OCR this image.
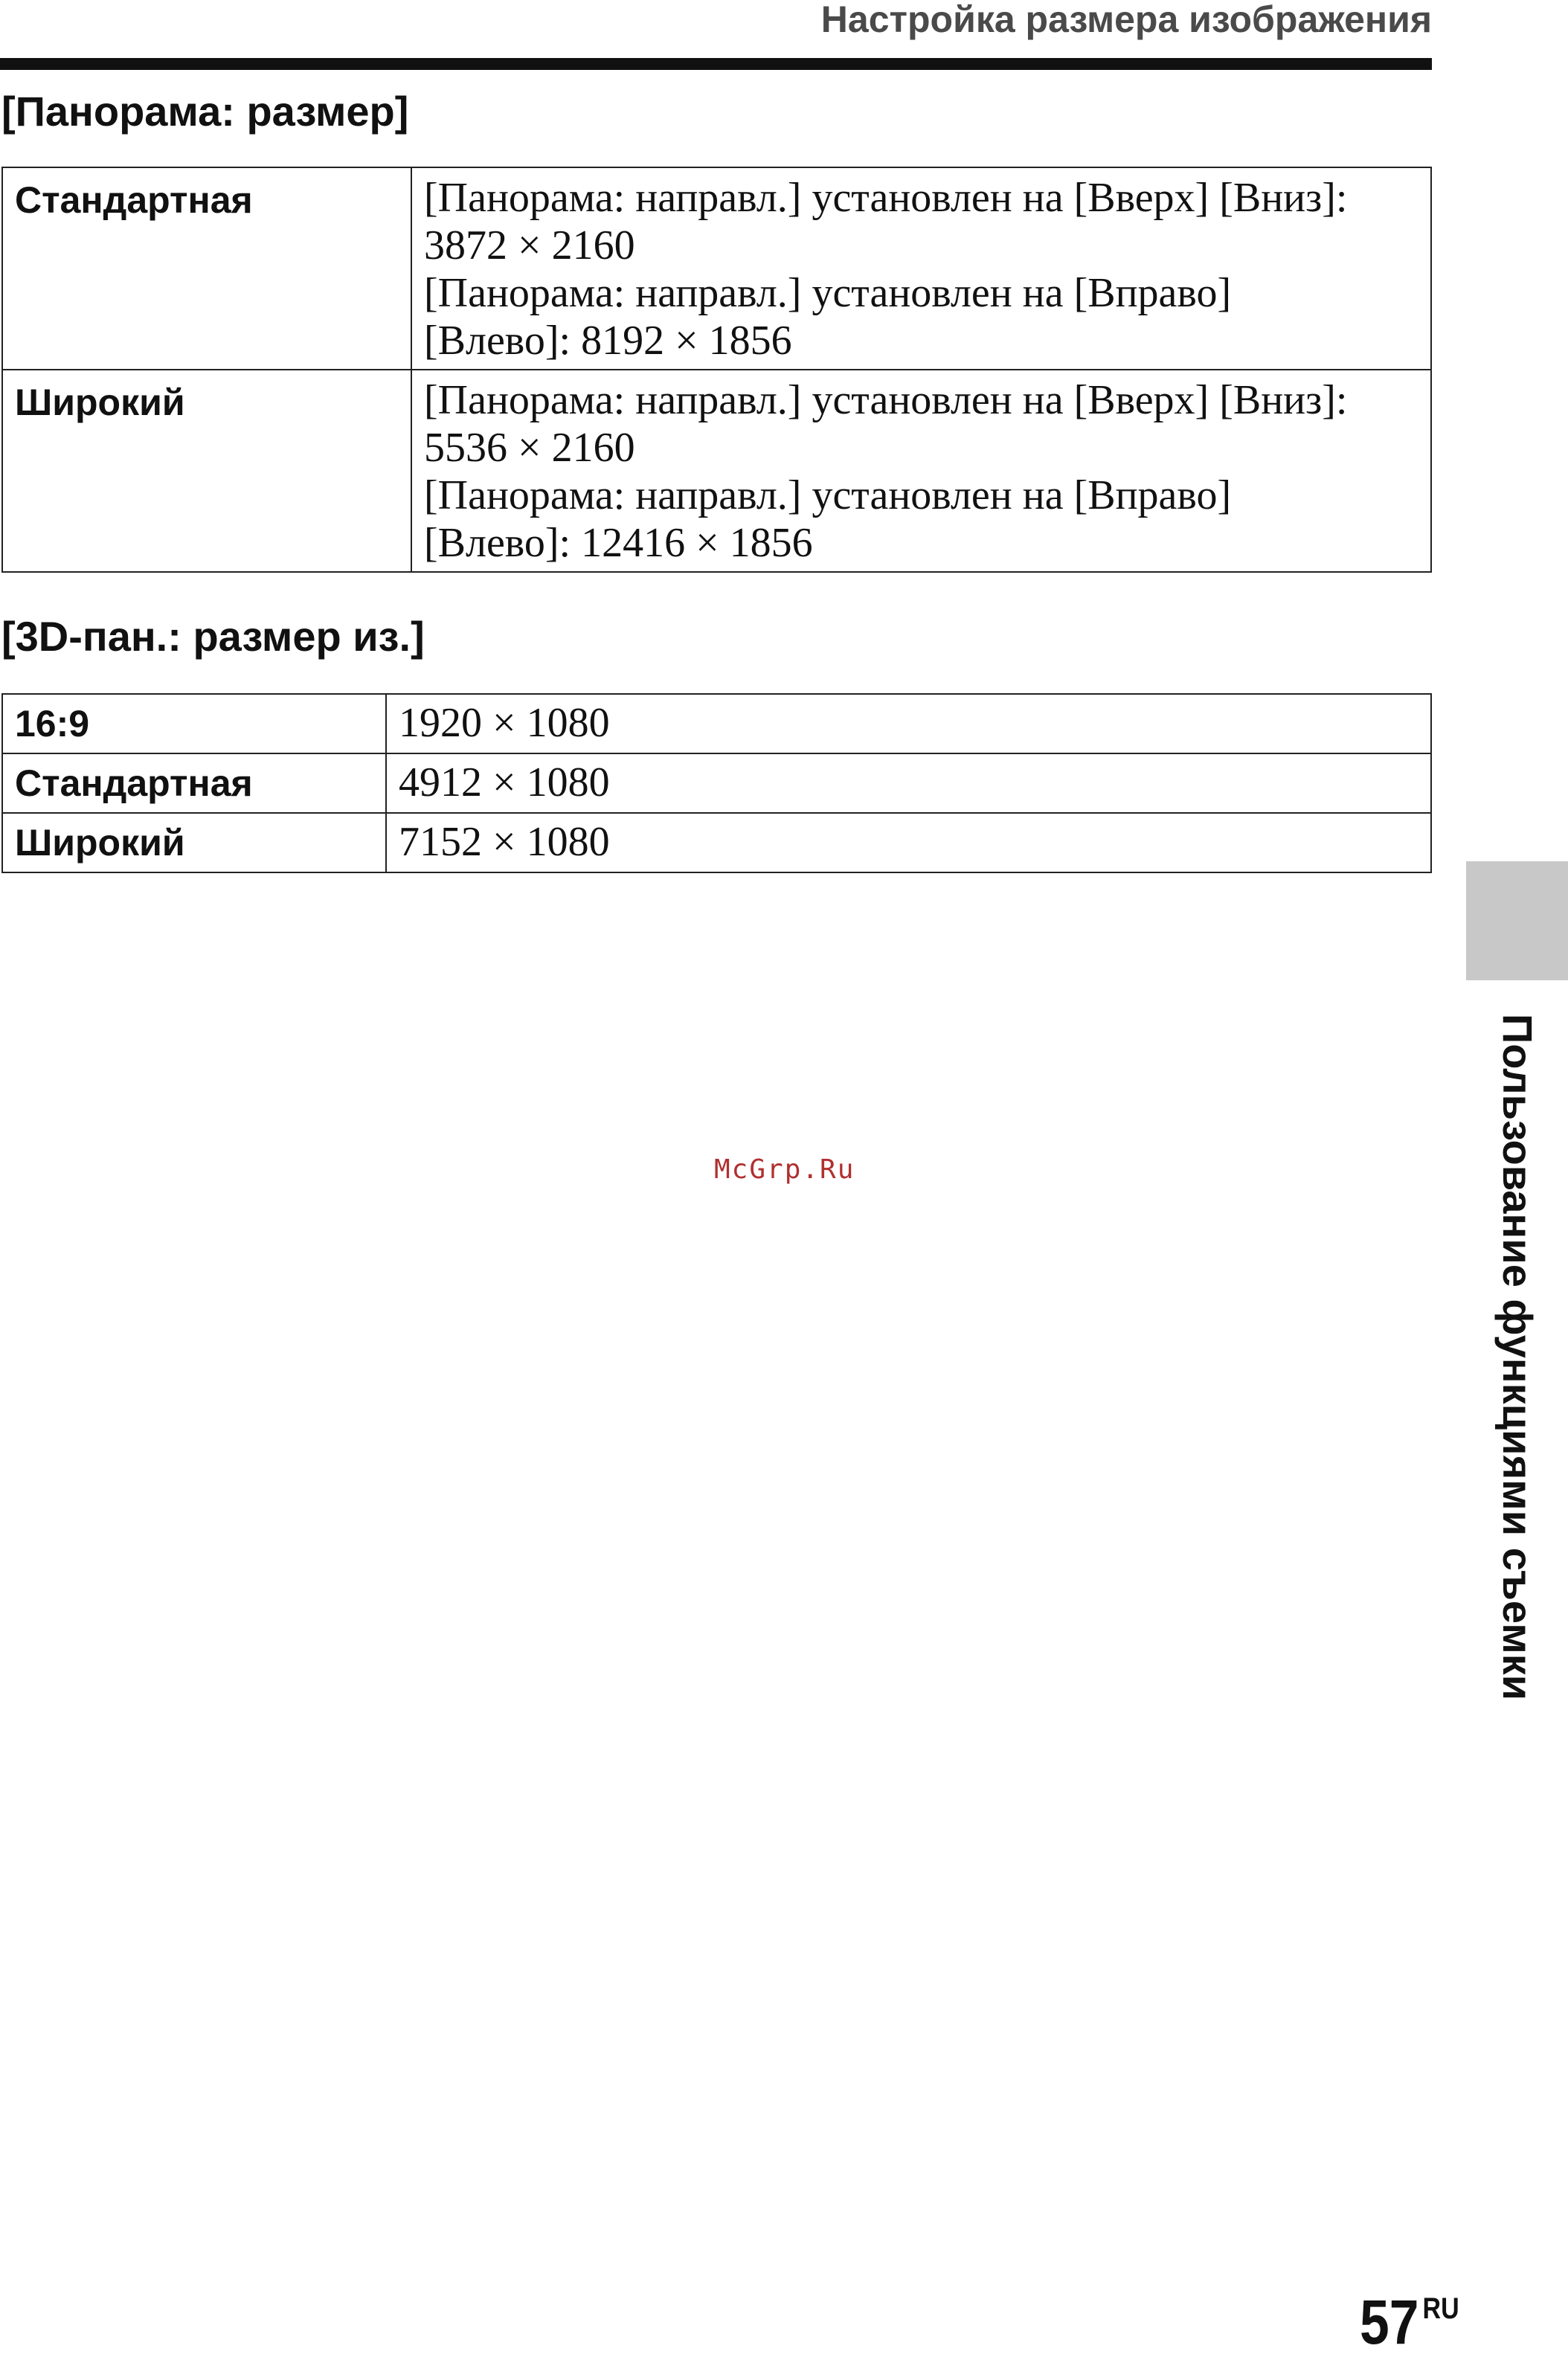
Настройка размера изображения
[Панорама: размер]
Стандартная	[Панорама: направл.] установлен на [Вверх] [Вниз]:
3872 × 2160
[Панорама: направл.] установлен на [Вправо]
[Влево]: 8192 × 1856

Широкий	[Панорама: направл.] установлен на [Вверх] [Вниз]:
5536 × 2160
[Панорама: направл.] установлен на [Вправо]
[Влево]: 12416 × 1856
[3D-пан.: размер из.]
16:9	1920 × 1080
Стандартная	4912 × 1080
Широкий	7152 × 1080
Пользование функциями съемки
McGrp.Ru
57 $^{RU}$
